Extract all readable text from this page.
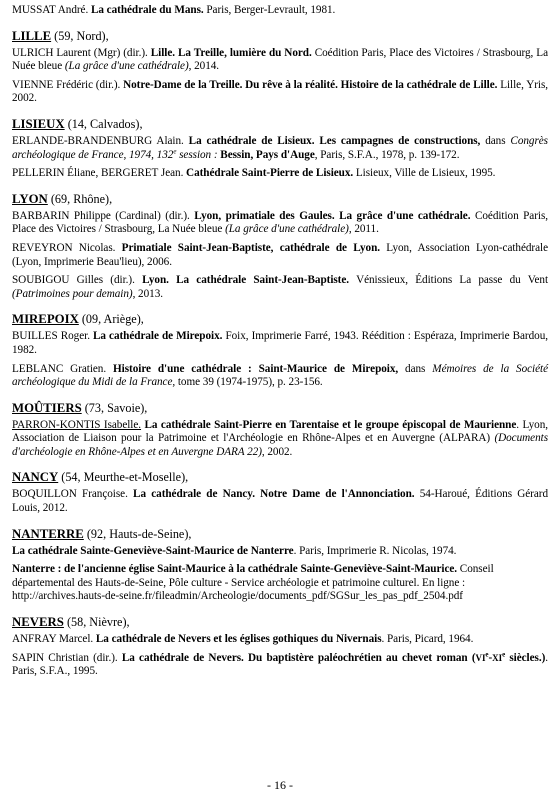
MUSSAT André. La cathédrale du Mans. Paris, Berger-Levrault, 1981.

LILLE (59, Nord),

ULRICH Laurent (Mgr) (dir.). Lille. La Treille, lumière du Nord. Coédition Paris, Place des Victoires / Strasbourg, La Nuée bleue (La grâce d'une cathédrale), 2014.

VIENNE Frédéric (dir.). Notre-Dame de la Treille. Du rêve à la réalité. Histoire de la cathédrale de Lille. Lille, Yris, 2002.

LISIEUX (14, Calvados),

ERLANDE-BRANDENBURG Alain. La cathédrale de Lisieux. Les campagnes de constructions, dans Congrès archéologique de France, 1974, 132e session : Bessin, Pays d'Auge, Paris, S.F.A., 1978, p. 139-172.

PELLERIN Éliane, BERGERET Jean. Cathédrale Saint-Pierre de Lisieux. Lisieux, Ville de Lisieux, 1995.

LYON (69, Rhône),

BARBARIN Philippe (Cardinal) (dir.). Lyon, primatiale des Gaules. La grâce d'une cathédrale. Coédition Paris, Place des Victoires / Strasbourg, La Nuée bleue (La grâce d'une cathédrale), 2011.

REVEYRON Nicolas. Primatiale Saint-Jean-Baptiste, cathédrale de Lyon. Lyon, Association Lyon-cathédrale (Lyon, Imprimerie Beau'lieu), 2006.

SOUBIGOU Gilles (dir.). Lyon. La cathédrale Saint-Jean-Baptiste. Vénissieux, Éditions La passe du Vent (Patrimoines pour demain), 2013.

MIREPOIX (09, Ariège),

BUILLES Roger. La cathédrale de Mirepoix. Foix, Imprimerie Farré, 1943. Réédition : Espéraza, Imprimerie Bardou, 1982.

LEBLANC Gratien. Histoire d'une cathédrale : Saint-Maurice de Mirepoix, dans Mémoires de la Société archéologique du Midi de la France, tome 39 (1974-1975), p. 23-156.

MOÛTIERS (73, Savoie),

PARRON-KONTIS Isabelle. La cathédrale Saint-Pierre en Tarentaise et le groupe épiscopal de Maurienne. Lyon, Association de Liaison pour la Patrimoine et l'Archéologie en Rhône-Alpes et en Auvergne (ALPARA) (Documents d'archéologie en Rhône-Alpes et en Auvergne DARA 22), 2002.

NANCY (54, Meurthe-et-Moselle),

BOQUILLON Françoise. La cathédrale de Nancy. Notre Dame de l'Annonciation. 54-Haroué, Éditions Gérard Louis, 2012.

NANTERRE (92, Hauts-de-Seine),

La cathédrale Sainte-Geneviève-Saint-Maurice de Nanterre. Paris, Imprimerie R. Nicolas, 1974.

Nanterre : de l'ancienne église Saint-Maurice à la cathédrale Sainte-Geneviève-Saint-Maurice. Conseil départemental des Hauts-de-Seine, Pôle culture - Service archéologie et patrimoine culturel. En ligne : http://archives.hauts-de-seine.fr/fileadmin/Archeologie/documents_pdf/SGSur_les_pas_pdf_2504.pdf

NEVERS (58, Nièvre),

ANFRAY Marcel. La cathédrale de Nevers et les églises gothiques du Nivernais. Paris, Picard, 1964.

SAPIN Christian (dir.). La cathédrale de Nevers. Du baptistère paléochrétien au chevet roman (VIe-XIe siècles.). Paris, S.F.A., 1995.

- 16 -
